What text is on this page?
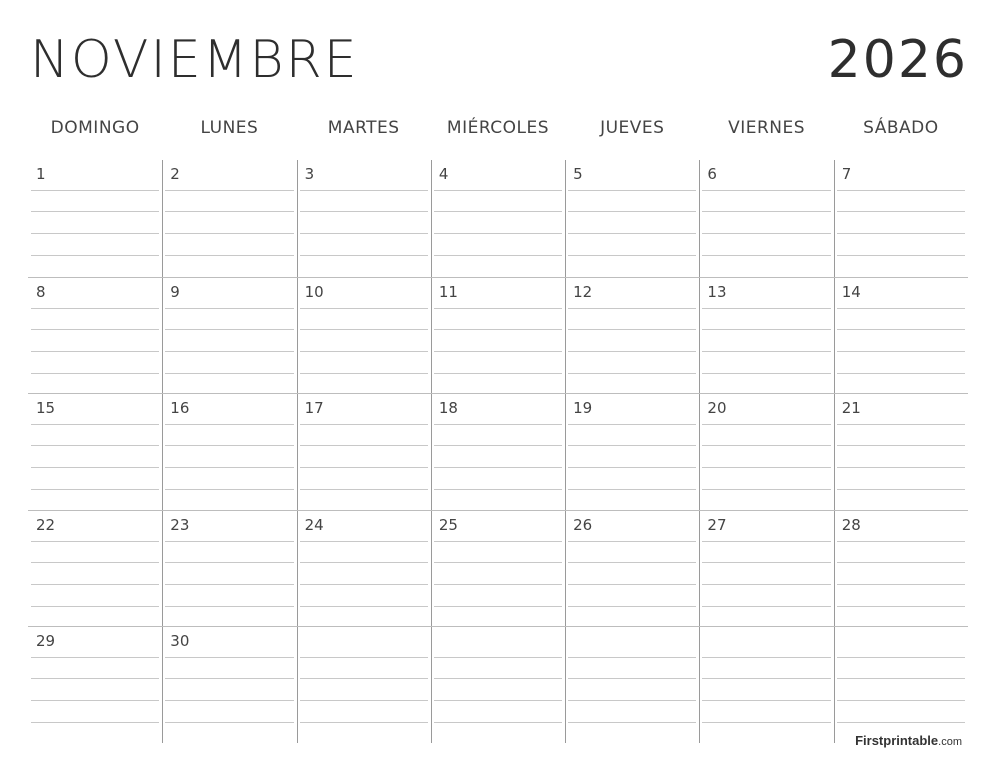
NOVIEMBRE	2026
DOMINGO	LUNES	MARTES	MIÉRCOLES	JUEVES	VIERNES	SÁBADO
1	2	3	4	5	6	7
8	9	10	11	12	13	14
15	16	17	18	19	20	21
22	23	24	25	26	27	28
29	30
Firstprintable.com
